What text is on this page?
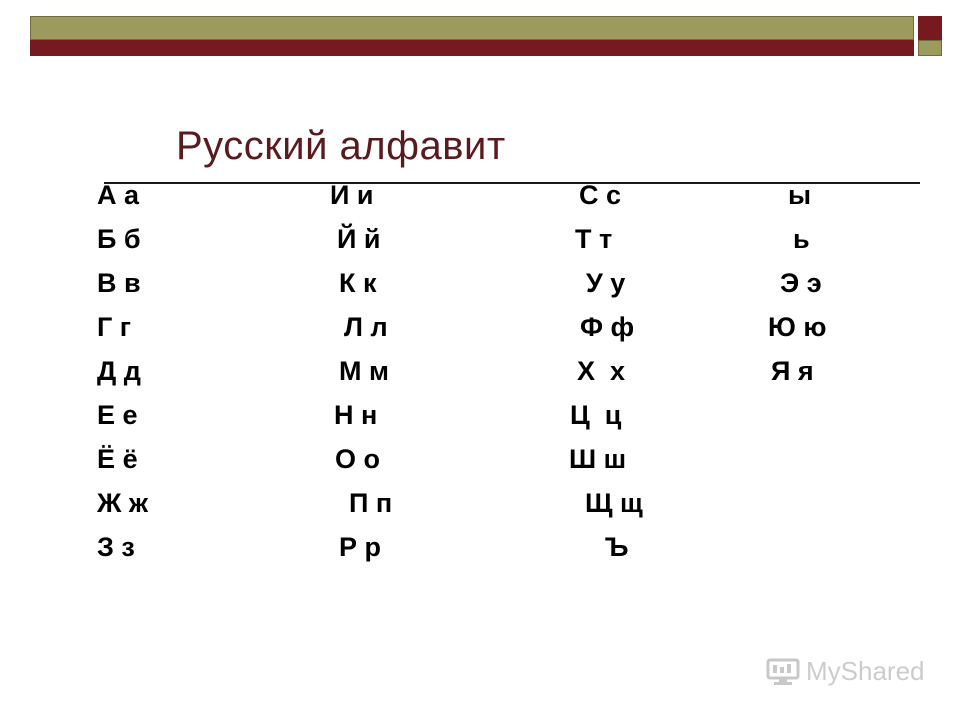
Русский алфавит
А а
Б б
В в
Г г
Д д
Е е
Ё ё
Ж ж
З з
И и
Й й
К к
Л л
М м
Н н
О о
П п
Р р
С с
Т т
У у
Ф ф
Х  х
Ц  ц
Ш ш
Щ щ
Ъ
ы
ь
Э э
Ю ю
Я я
MyShared
